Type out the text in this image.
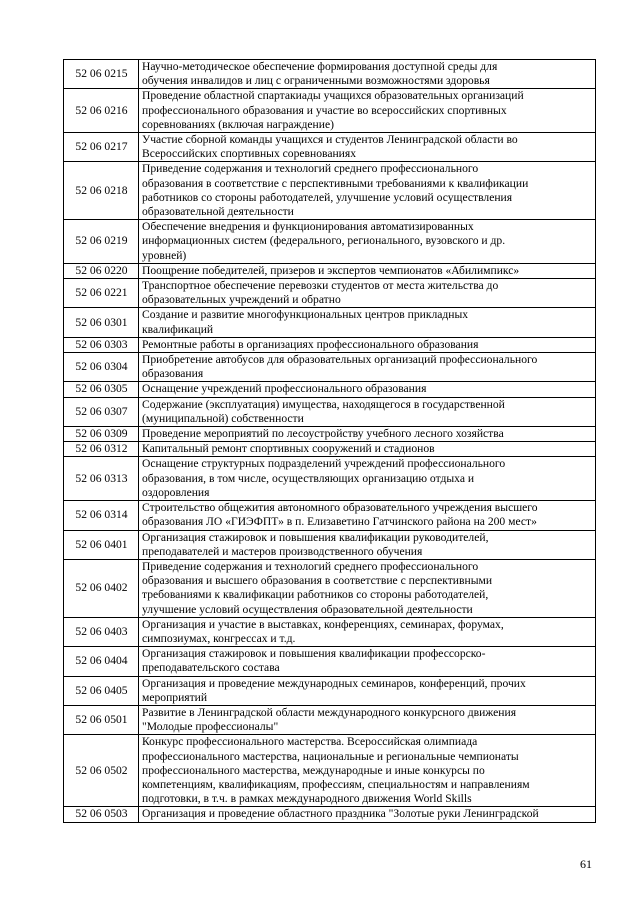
52 06 0215	Научно-методическое обеспечение формирования доступной среды для
обучения инвалидов и лиц с ограниченными возможностями здоровья

52 06 0216	Проведение областной спартакиады учащихся образовательных организаций
профессионального образования и участие во всероссийских спортивных
соревнованиях (включая награждение)

52 06 0217	Участие сборной команды учащихся и студентов Ленинградской области во
Всероссийских спортивных соревнованиях

52 06 0218	Приведение содержания и технологий среднего профессионального
образования в соответствие с перспективными требованиями к квалификации
работников со стороны работодателей, улучшение условий осуществления
образовательной деятельности

52 06 0219	Обеспечение внедрения и функционирования автоматизированных
информационных систем (федерального, регионального, вузовского и др.
уровней)

52 06 0220	Поощрение победителей, призеров и экспертов чемпионатов «Абилимпикс»

52 06 0221	Транспортное обеспечение перевозки студентов от места жительства до
образовательных учреждений и обратно

52 06 0301	Создание и развитие многофункциональных центров прикладных
квалификаций

52 06 0303	Ремонтные работы в организациях профессионального образования

52 06 0304	Приобретение автобусов для образовательных организаций профессионального
образования

52 06 0305	Оснащение учреждений профессионального образования

52 06 0307	Содержание (эксплуатация) имущества, находящегося в государственной
(муниципальной) собственности

52 06 0309	Проведение мероприятий по лесоустройству учебного лесного хозяйства

52 06 0312	Капитальный ремонт спортивных сооружений и стадионов

52 06 0313	Оснащение структурных подразделений учреждений профессионального
образования, в том числе, осуществляющих организацию отдыха и
оздоровления

52 06 0314	Строительство общежития автономного образовательного учреждения высшего
образования ЛО «ГИЭФПТ» в п. Елизаветино Гатчинского района на 200 мест»

52 06 0401	Организация стажировок и повышения квалификации руководителей,
преподавателей и мастеров производственного обучения

52 06 0402	Приведение содержания и технологий среднего профессионального
образования и высшего образования в соответствие с перспективными
требованиями к квалификации работников со стороны работодателей,
улучшение условий осуществления образовательной деятельности

52 06 0403	Организация и участие в выставках, конференциях, семинарах, форумах,
симпозиумах, конгрессах и т.д.

52 06 0404	Организация стажировок и повышения квалификации профессорско-
преподавательского состава

52 06 0405	Организация и проведение международных семинаров, конференций, прочих
мероприятий

52 06 0501	Развитие в Ленинградской области международного конкурсного движения
"Молодые профессионалы"

52 06 0502	Конкурс профессионального мастерства. Всероссийская олимпиада
профессионального мастерства, национальные и региональные чемпионаты
профессионального мастерства, международные и иные конкурсы по
компетенциям, квалификациям, профессиям, специальностям и направлениям
подготовки, в т.ч. в рамках международного движения World Skills

52 06 0503	Организация и проведение областного праздника "Золотые руки Ленинградской
61
